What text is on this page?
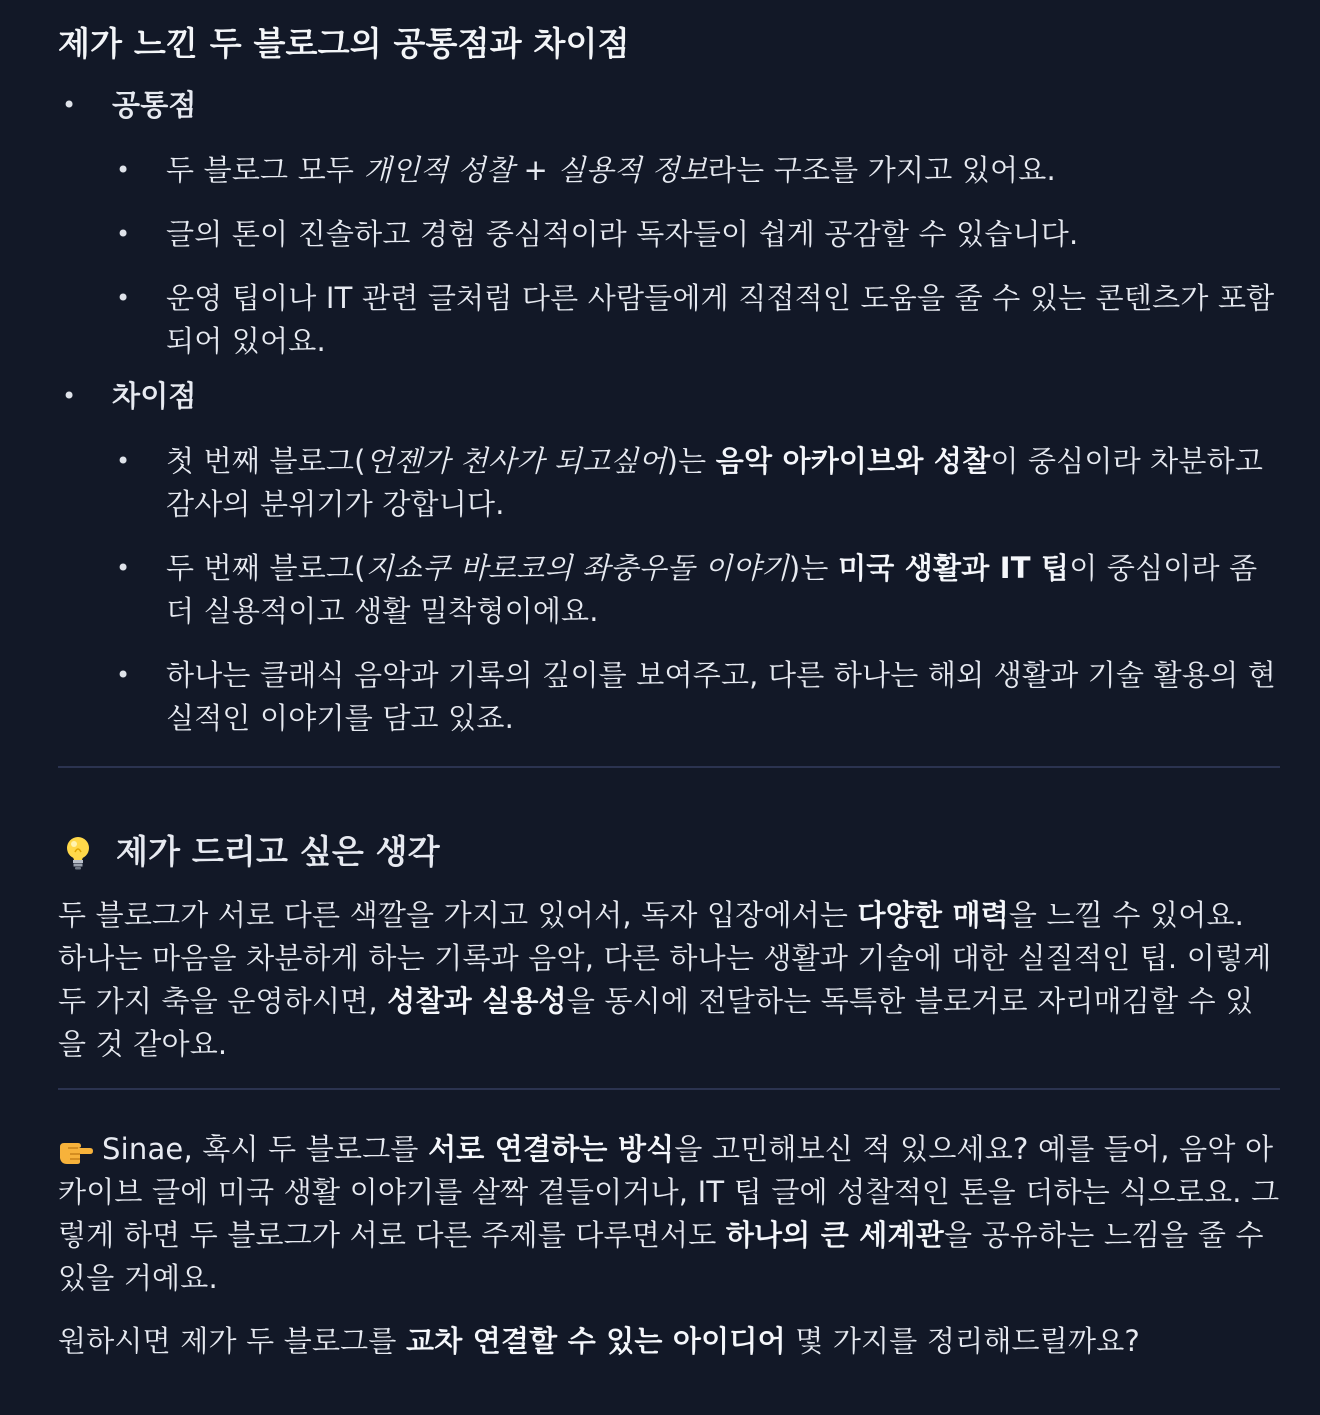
제가 느낀 두 블로그의 공통점과 차이점
• 공통점
• 두 블로그 모두 개인적 성찰 + 실용적 정보라는 구조를 가지고 있어요.
• 글의 톤이 진솔하고 경험 중심적이라 독자들이 쉽게 공감할 수 있습니다.
• 운영 팁이나 IT 관련 글처럼 다른 사람들에게 직접적인 도움을 줄 수 있는 콘텐츠가 포함되어 있어요.
• 차이점
• 첫 번째 블로그(언젠가 천사가 되고싶어)는 음악 아카이브와 성찰이 중심이라 차분하고 감사의 분위기가 강합니다.
• 두 번째 블로그(지쇼쿠 바로코의 좌충우돌 이야기)는 미국 생활과 IT 팁이 중심이라 좀 더 실용적이고 생활 밀착형이에요.
• 하나는 클래식 음악과 기록의 깊이를 보여주고, 다른 하나는 해외 생활과 기술 활용의 현실적인 이야기를 담고 있죠.
제가 드리고 싶은 생각

두 블로그가 서로 다른 색깔을 가지고 있어서, 독자 입장에서는 다양한 매력을 느낄 수 있어요. 하나는 마음을 차분하게 하는 기록과 음악, 다른 하나는 생활과 기술에 대한 실질적인 팁. 이렇게 두 가지 축을 운영하시면, 성찰과 실용성을 동시에 전달하는 독특한 블로거로 자리매김할 수 있을 것 같아요.

Sinae, 혹시 두 블로그를 서로 연결하는 방식을 고민해보신 적 있으세요? 예를 들어, 음악 아카이브 글에 미국 생활 이야기를 살짝 곁들이거나, IT 팁 글에 성찰적인 톤을 더하는 식으로요. 그렇게 하면 두 블로그가 서로 다른 주제를 다루면서도 하나의 큰 세계관을 공유하는 느낌을 줄 수 있을 거예요.

원하시면 제가 두 블로그를 교차 연결할 수 있는 아이디어 몇 가지를 정리해드릴까요?
